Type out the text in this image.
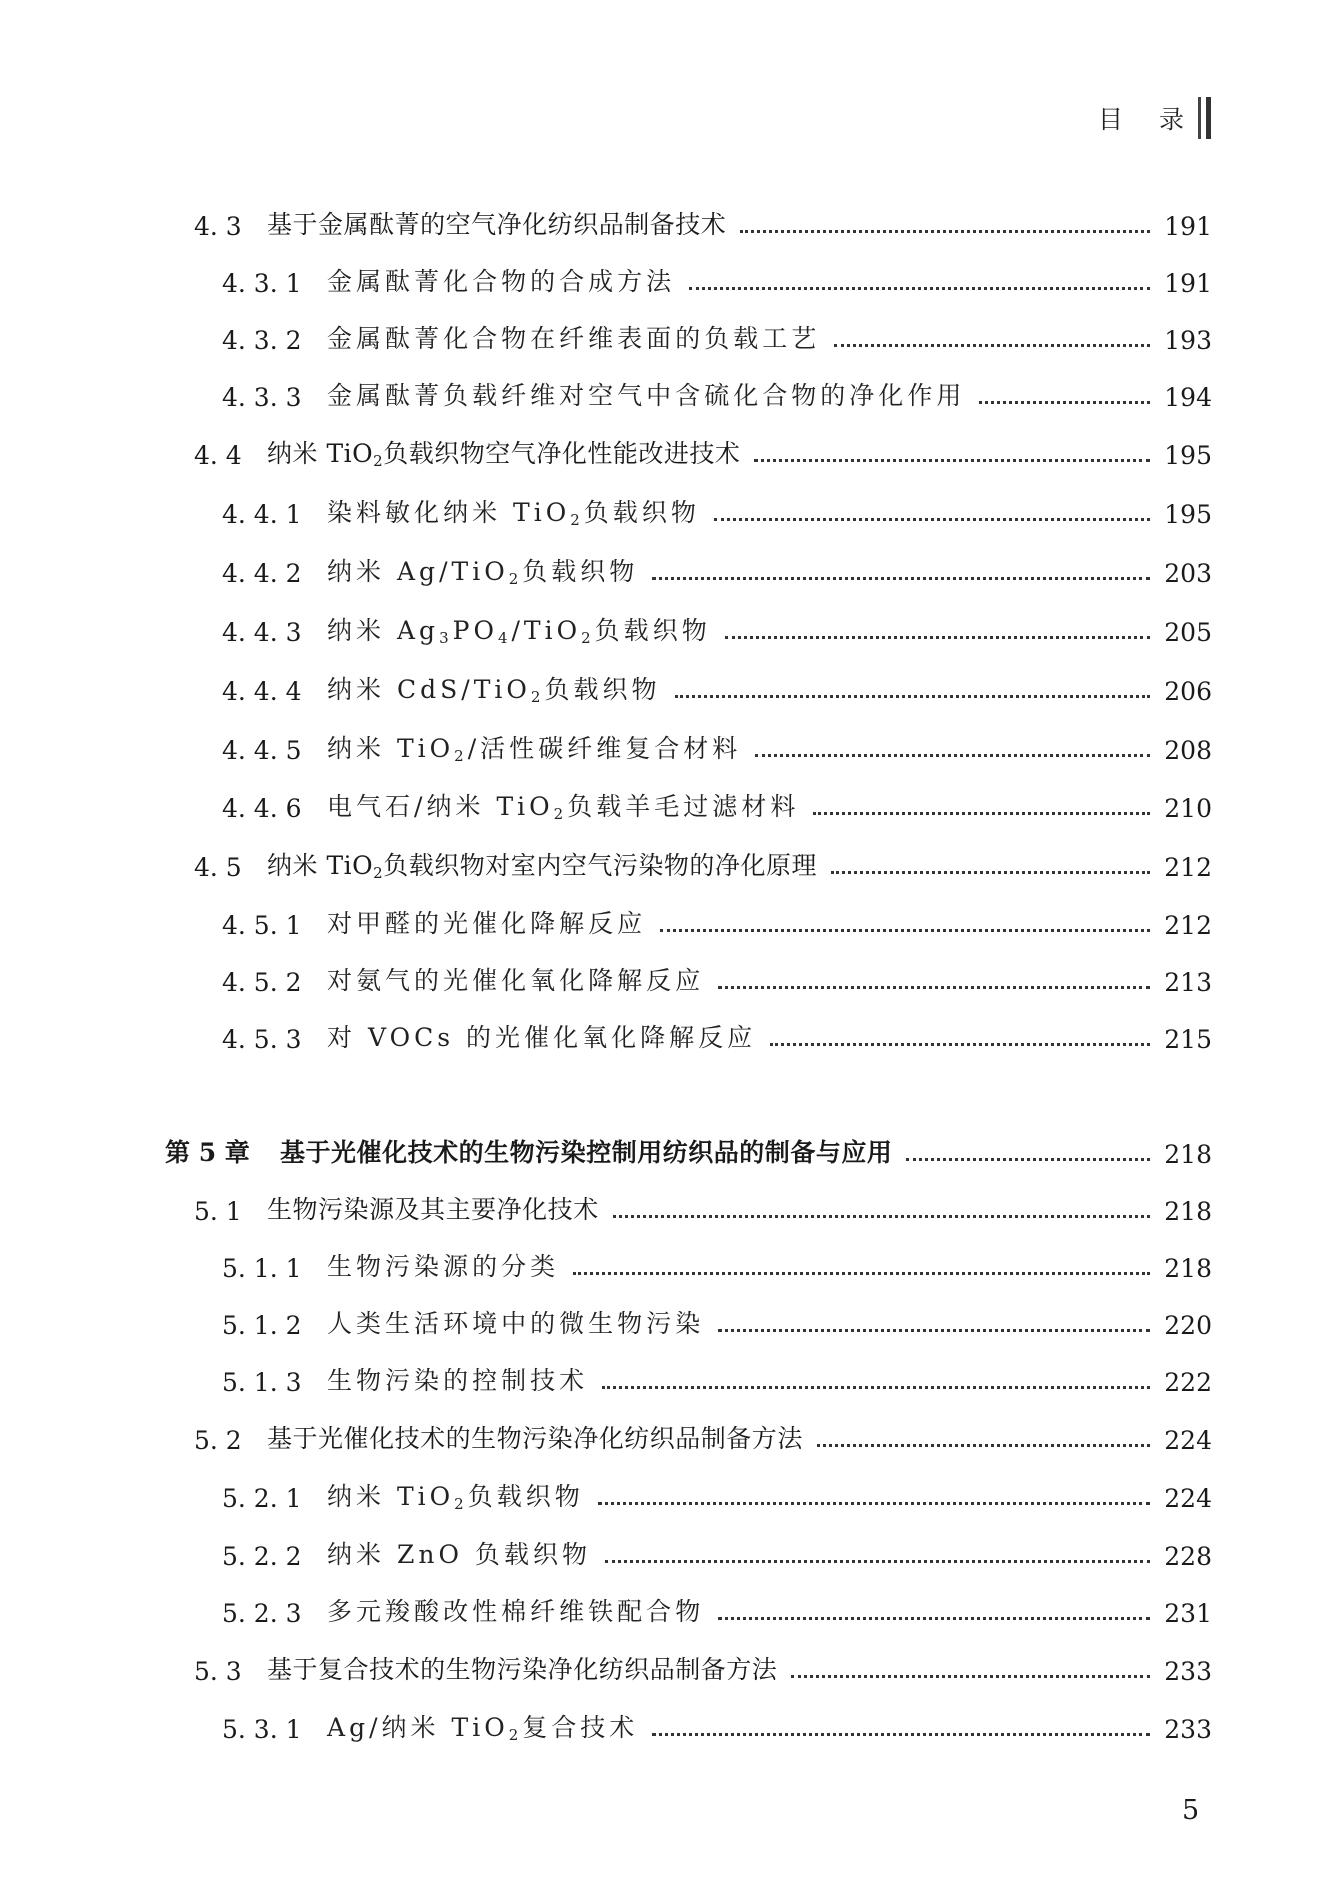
目 录
4. 3 基于金属酞菁的空气净化纺织品制备技术	191
4. 3. 1 金属酞菁化合物的合成方法	191
4. 3. 2 金属酞菁化合物在纤维表面的负载工艺	193
4. 3. 3 金属酞菁负载纤维对空气中含硫化合物的净化作用	194
4. 4 纳米 TiO$_2$负载织物空气净化性能改进技术	195
4. 4. 1 染料敏化纳米 TiO$_2$负载织物	195
4. 4. 2 纳米 Ag/TiO$_2$负载织物	203
4. 4. 3 纳米 $Ag_3PO_4/TiO_2$负载织物	205
4. 4. 4 纳米 CdS/TiO$_2$负载织物	206
4. 4. 5 纳米 TiO$_2$/活性碳纤维复合材料	208
4. 4. 6 电气石/纳米 TiO$_2$负载羊毛过滤材料	210
4. 5 纳米 TiO$_2$负载织物对室内空气污染物的净化原理	212
4. 5. 1 对甲醛的光催化降解反应	212
4. 5. 2 对氨气的光催化氧化降解反应	213
4. 5. 3 对 VOCs 的光催化氧化降解反应	215
第 5 章 基于光催化技术的生物污染控制用纺织品的制备与应用	218
5. 1 生物污染源及其主要净化技术	218
5. 1. 1 生物污染源的分类	218
5. 1. 2 人类生活环境中的微生物污染	220
5. 1. 3 生物污染的控制技术	222
5. 2 基于光催化技术的生物污染净化纺织品制备方法	224
5. 2. 1 纳米 TiO$_2$负载织物	224
5. 2. 2 纳米 ZnO 负载织物	228
5. 2. 3 多元羧酸改性棉纤维铁配合物	231
5. 3 基于复合技术的生物污染净化纺织品制备方法	233
5. 3. 1 Ag/纳米 TiO$_2$复合技术	233
5
